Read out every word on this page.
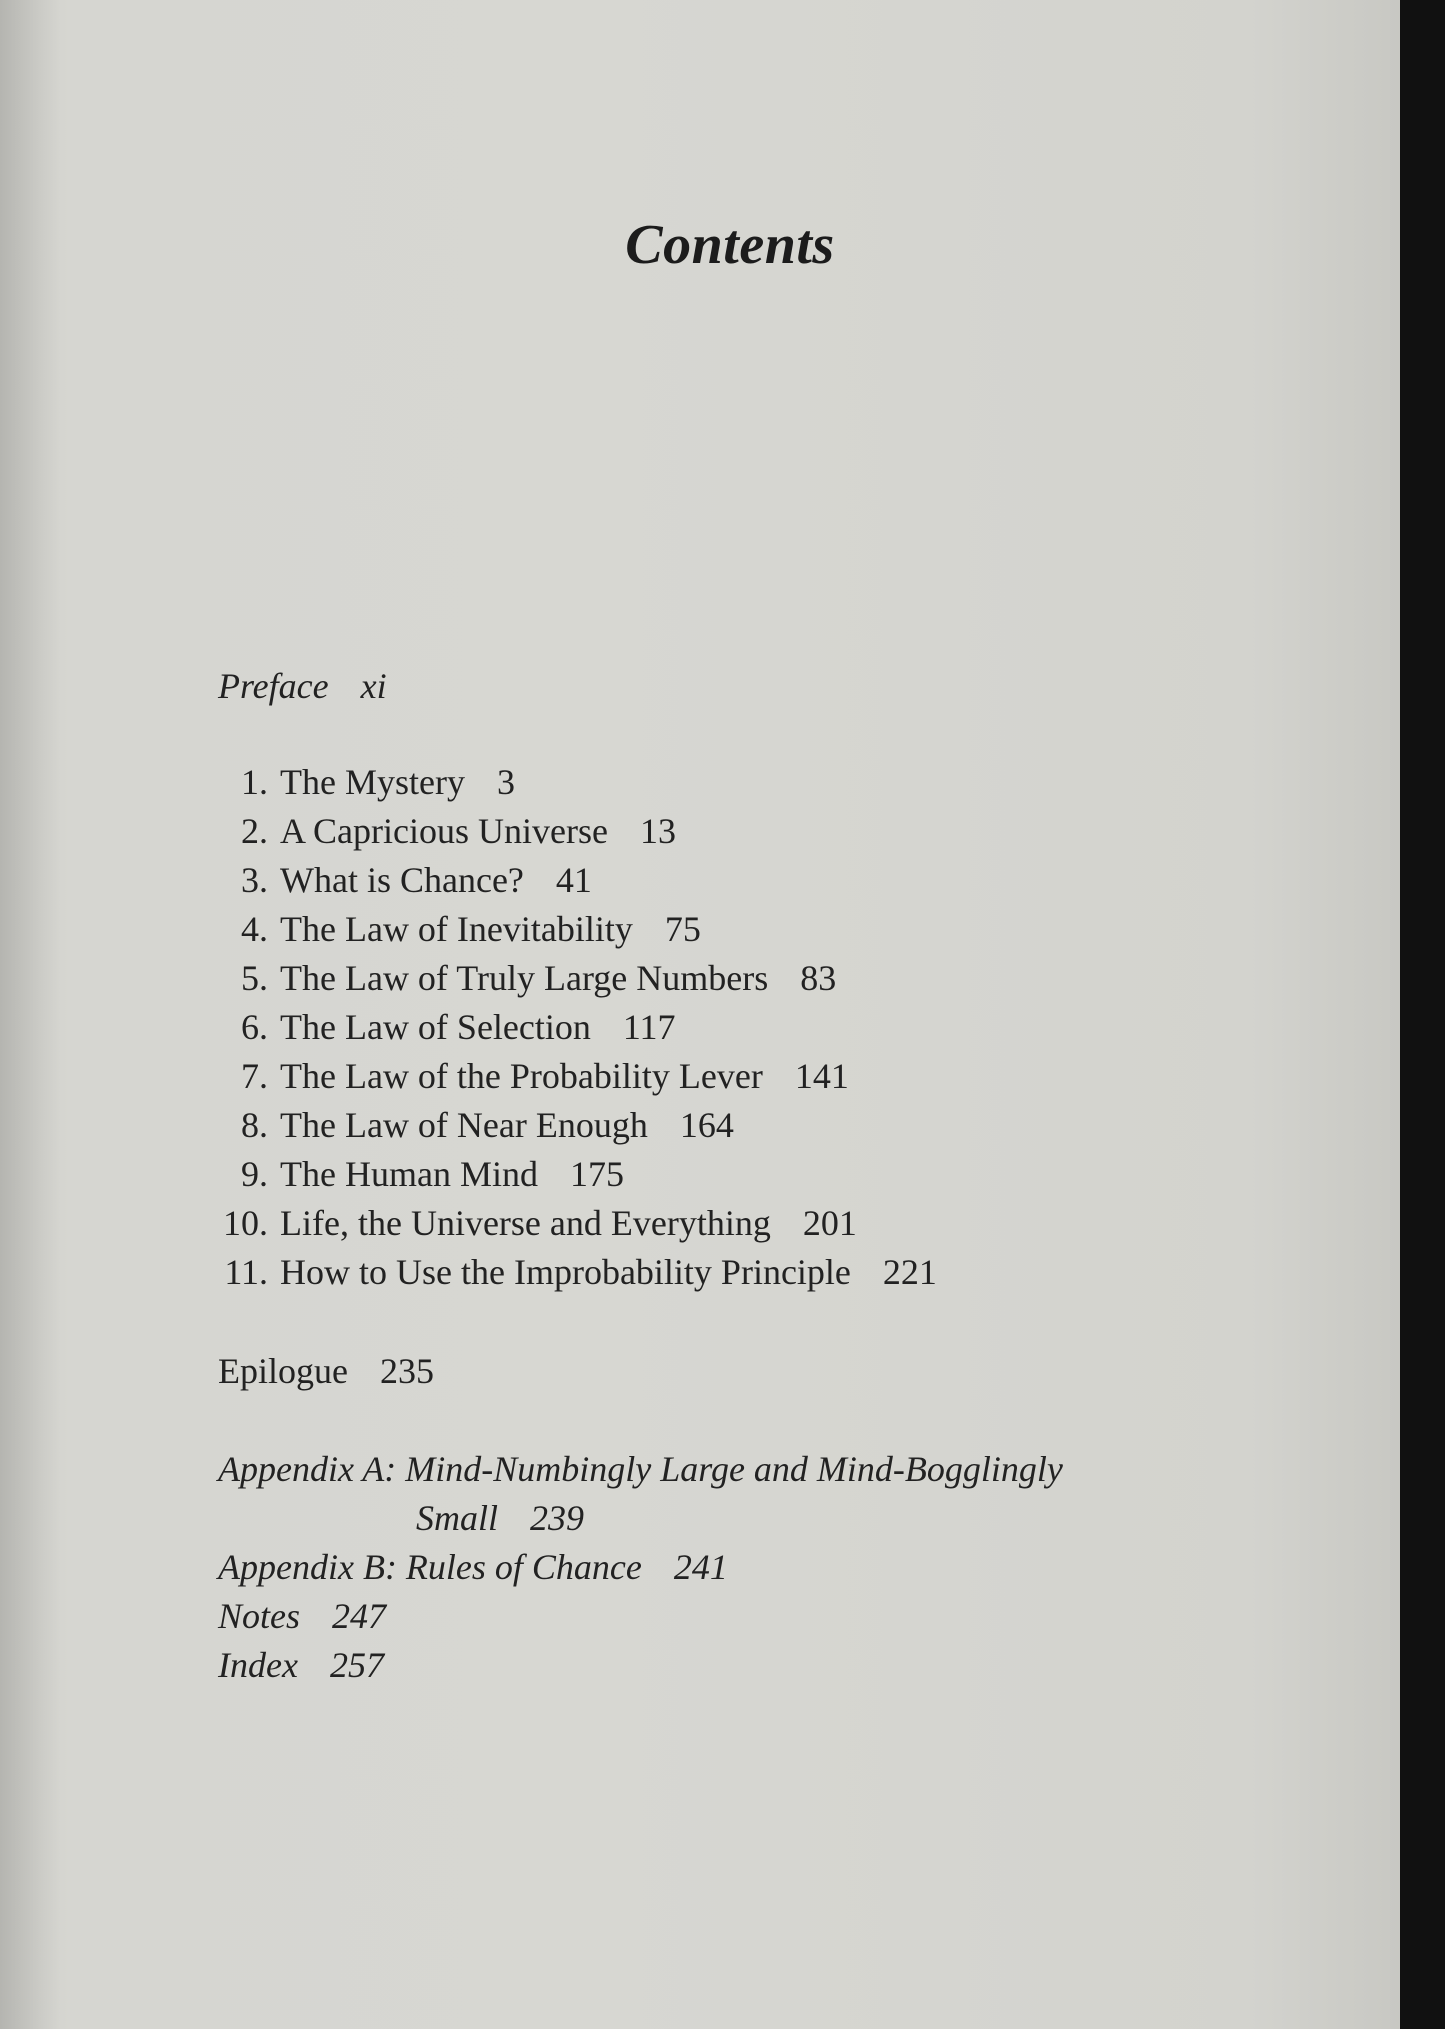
Contents
Preface xi
1. The Mystery 3
2. A Capricious Universe 13
3. What is Chance? 41
4. The Law of Inevitability 75
5. The Law of Truly Large Numbers 83
6. The Law of Selection 117
7. The Law of the Probability Lever 141
8. The Law of Near Enough 164
9. The Human Mind 175
10. Life, the Universe and Everything 201
11. How to Use the Improbability Principle 221
Epilogue 235
Appendix A: Mind-Numbingly Large and Mind-Bogglingly
Small 239
Appendix B: Rules of Chance 241
Notes 247
Index 257
